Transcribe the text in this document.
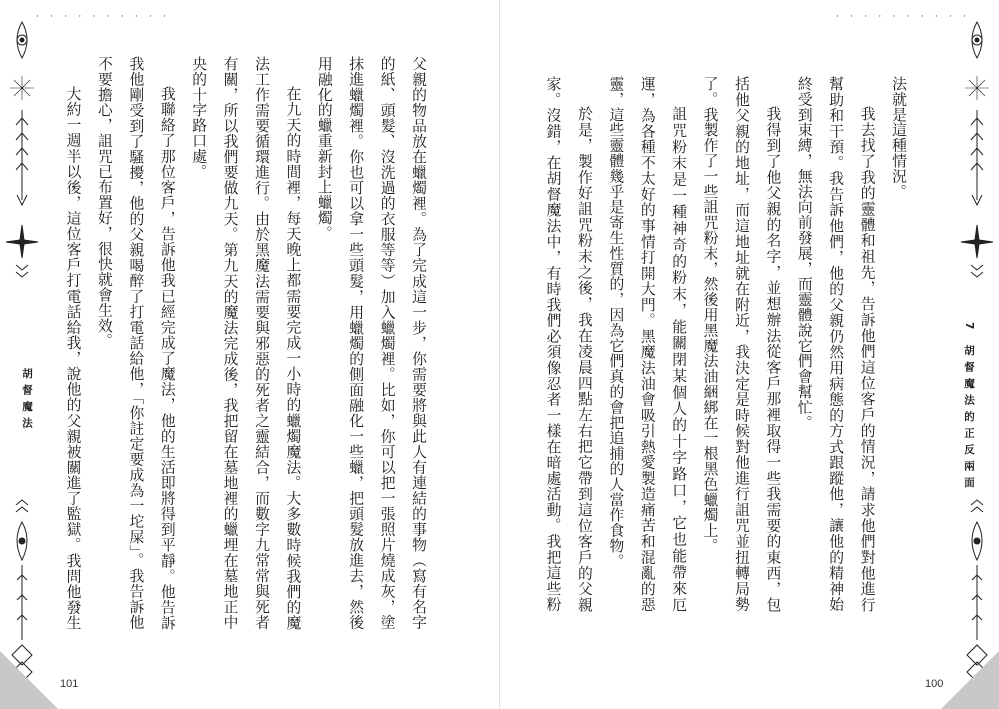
· · · · · · · · · ·

父親的物品放在蠟燭裡。為了完成這一步，你需要將與此人有連結的事物（寫有名字的紙、頭髮、沒洗過的衣服等等）加入蠟燭裡。比如，你可以把一張照片燒成灰，塗抹進蠟燭裡。你也可以拿一些頭髮，用蠟燭的側面融化一些蠟，把頭髮放進去，然後用融化的蠟重新封上蠟燭。

在九天的時間裡，每天晚上都需要完成一小時的蠟燭魔法。大多數時候我們的魔法工作需要循環進行。由於黑魔法需要與邪惡的死者之靈結合，而數字九常常與死者有關，所以我們要做九天。第九天的魔法完成後，我把留在墓地裡的蠟埋在墓地正中央的十字路口處。

我聯絡了那位客戶，告訴他我已經完成了魔法，他的生活即將得到平靜。他告訴我他剛受到了騷擾，他的父親喝醉了打電話給他，「你註定要成為一坨屎」。我告訴他不要擔心，詛咒已布置好，很快就會生效。

大約一週半以後，這位客戶打電話給我，說他的父親被關進了監獄。我問他發生

胡督魔法
101
· · · · · · · · · ·

法就是這種情況。

我去找了我的靈體和祖先，告訴他們這位客戶的情況，請求他們對他進行幫助和干預。我告訴他們，他的父親仍然用病態的方式跟蹤他，讓他的精神始終受到束縛，無法向前發展，而靈體說它們會幫忙。

我得到了他父親的名字，並想辦法從客戶那裡取得一些我需要的東西，包括他父親的地址，而這地址就在附近，我決定是時候對他進行詛咒並扭轉局勢了。我製作了一些詛咒粉末，然後用黑魔法油綑綁在一根黑色蠟燭上。

詛咒粉末是一種神奇的粉末，能關閉某個人的十字路口，它也能帶來厄運，為各種不太好的事情打開大門。黑魔法油會吸引熱愛製造痛苦和混亂的惡靈，這些靈體幾乎是寄生性質的，因為它們真的會把追捕的人當作食物。

於是，製作好詛咒粉末之後，我在凌晨四點左右把它帶到這位客戶的父親家。沒錯，在胡督魔法中，有時我們必須像忍者一樣在暗處活動。我把這些粉

7 胡督魔法的正反兩面
100
